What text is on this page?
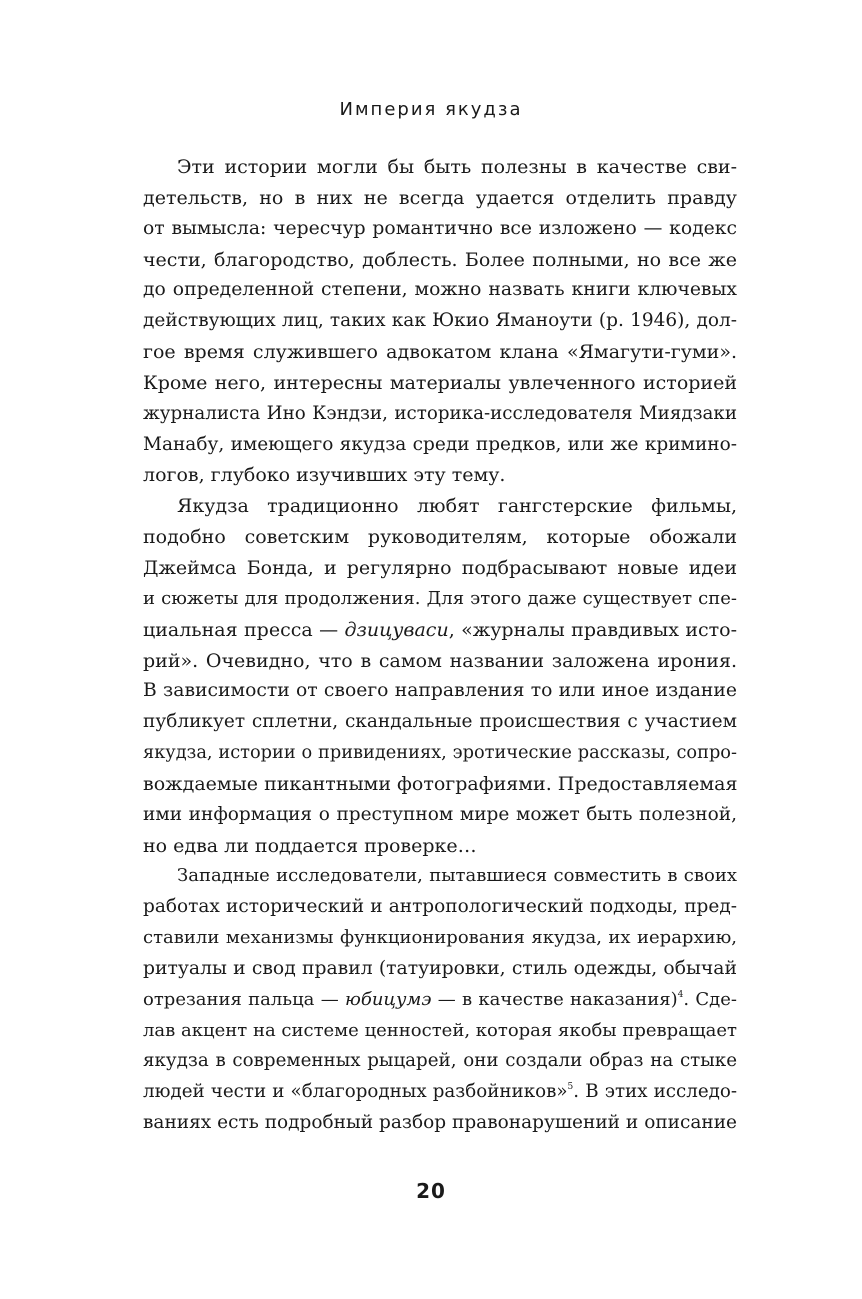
Империя якудза
Эти истории могли бы быть полезны в качестве сви-
детельств, но в них не всегда удается отделить правду
от вымысла: чересчур романтично все изложено — кодекс
чести, благородство, доблесть. Более полными, но все же
до определенной степени, можно назвать книги ключевых
действующих лиц, таких как Юкио Яманоути (р. 1946), дол-
гое время служившего адвокатом клана «Ямагути-гуми».
Кроме него, интересны материалы увлеченного историей
журналиста Ино Кэндзи, историка-исследователя Миядзаки
Манабу, имеющего якудза среди предков, или же кримино-
логов, глубоко изучивших эту тему.
Якудза традиционно любят гангстерские фильмы,
подобно советским руководителям, которые обожали
Джеймса Бонда, и регулярно подбрасывают новые идеи
и сюжеты для продолжения. Для этого даже существует спе-
циальная пресса — дзицуваси, «журналы правдивых исто-
рий». Очевидно, что в самом названии заложена ирония.
В зависимости от своего направления то или иное издание
публикует сплетни, скандальные происшествия с участием
якудза, истории о привидениях, эротические рассказы, сопро-
вождаемые пикантными фотографиями. Предоставляемая
ими информация о преступном мире может быть полезной,
но едва ли поддается проверке…
Западные исследователи, пытавшиеся совместить в своих
работах исторический и антропологический подходы, пред-
ставили механизмы функционирования якудза, их иерархию,
ритуалы и свод правил (татуировки, стиль одежды, обычай
отрезания пальца — юбицумэ — в качестве наказания)$^4$. Сде-
лав акцент на системе ценностей, которая якобы превращает
якудза в современных рыцарей, они создали образ на стыке
людей чести и «благородных разбойников»$^5$. В этих исследо-
ваниях есть подробный разбор правонарушений и описание
20
